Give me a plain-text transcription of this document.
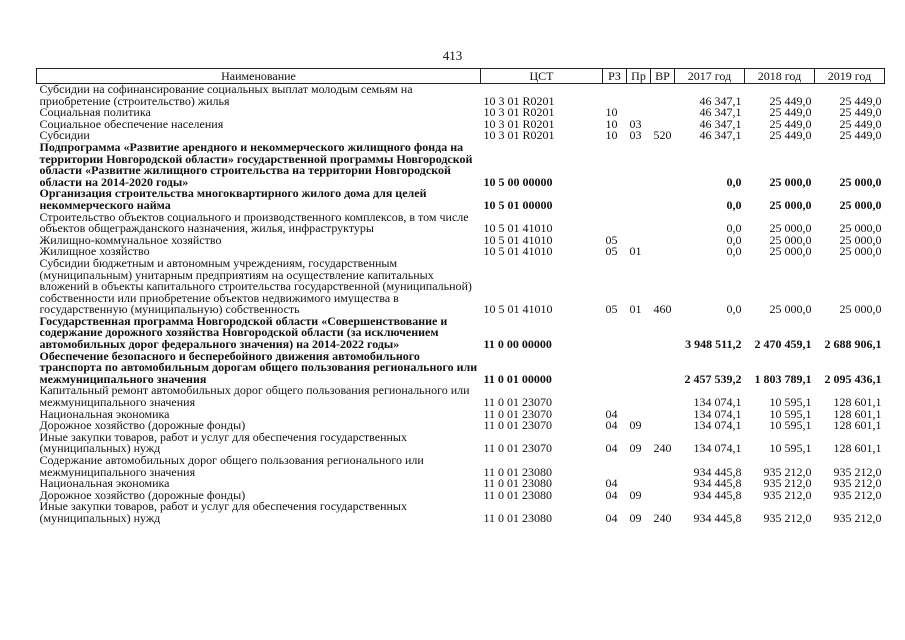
413
Наименование	ЦСТ	РЗ	Пр	ВР	2017 год	2018 год	2019 год
Субсидии на софинансирование социальных выплат молодым семьям на приобретение (строительство) жилья	10 3 01 R0201				46 347,1	25 449,0	25 449,0
Социальная политика	10 3 01 R0201	10			46 347,1	25 449,0	25 449,0
Социальное обеспечение населения	10 3 01 R0201	10	03		46 347,1	25 449,0	25 449,0
Субсидии	10 3 01 R0201	10	03	520	46 347,1	25 449,0	25 449,0
Подпрограмма «Развитие арендного и некоммерческого жилищного фонда на территории Новгородской области» государственной программы Новгородской области «Развитие жилищного строительства на территории Новгородской области на 2014-2020 годы»	10 5 00 00000				0,0	25 000,0	25 000,0
Организация строительства многоквартирного жилого дома для целей некоммерческого найма	10 5 01 00000				0,0	25 000,0	25 000,0
Строительство объектов социального и производственного комплексов, в том числе объектов общегражданского назначения, жилья, инфраструктуры	10 5 01 41010				0,0	25 000,0	25 000,0
Жилищно-коммунальное хозяйство	10 5 01 41010	05			0,0	25 000,0	25 000,0
Жилищное хозяйство	10 5 01 41010	05	01		0,0	25 000,0	25 000,0
Субсидии бюджетным и автономным учреждениям, государственным (муниципальным) унитарным предприятиям на осуществление капитальных вложений в объекты капитального строительства государственной (муниципальной) собственности или приобретение объектов недвижимого имущества в государственную (муниципальную) собственность	10 5 01 41010	05	01	460	0,0	25 000,0	25 000,0
Государственная программа Новгородской области «Совершенствование и содержание дорожного хозяйства Новгородской области (за исключением автомобильных дорог федерального значения) на 2014-2022 годы»	11 0 00 00000				3 948 511,2	2 470 459,1	2 688 906,1
Обеспечение безопасного и бесперебойного движения автомобильного транспорта по автомобильным дорогам общего пользования регионального или межмуниципального значения	11 0 01 00000				2 457 539,2	1 803 789,1	2 095 436,1
Капитальный ремонт автомобильных дорог общего пользования регионального или межмуниципального значения	11 0 01 23070				134 074,1	10 595,1	128 601,1
Национальная экономика	11 0 01 23070	04			134 074,1	10 595,1	128 601,1
Дорожное хозяйство (дорожные фонды)	11 0 01 23070	04	09		134 074,1	10 595,1	128 601,1
Иные закупки товаров, работ и услуг для обеспечения государственных (муниципальных) нужд	11 0 01 23070	04	09	240	134 074,1	10 595,1	128 601,1
Содержание автомобильных дорог общего пользования регионального или межмуниципального значения	11 0 01 23080				934 445,8	935 212,0	935 212,0
Национальная экономика	11 0 01 23080	04			934 445,8	935 212,0	935 212,0
Дорожное хозяйство (дорожные фонды)	11 0 01 23080	04	09		934 445,8	935 212,0	935 212,0
Иные закупки товаров, работ и услуг для обеспечения государственных (муниципальных) нужд	11 0 01 23080	04	09	240	934 445,8	935 212,0	935 212,0
